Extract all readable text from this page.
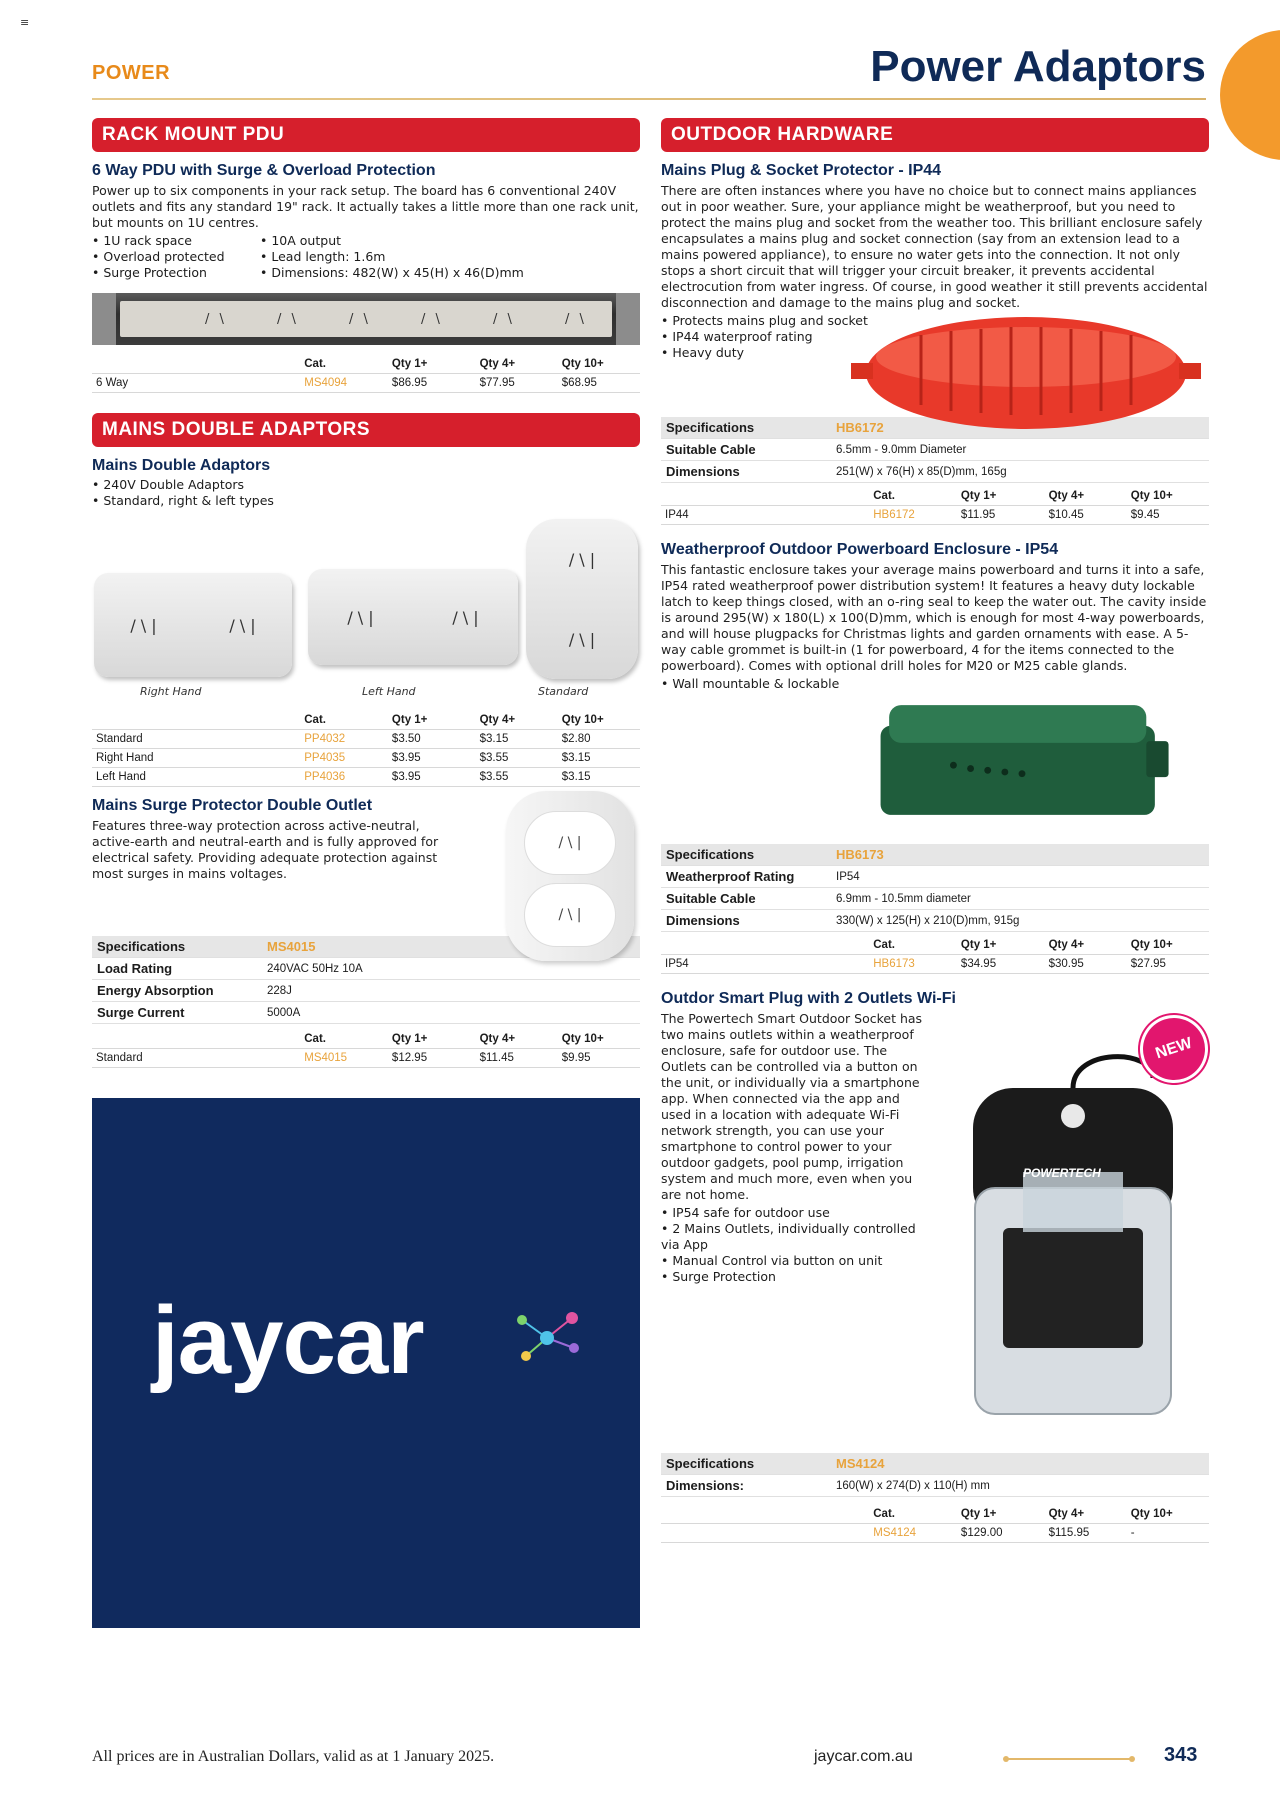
≡
POWER	Power Adaptors
RACK MOUNT PDU
6 Way PDU with Surge & Overload Protection
Power up to six components in your rack setup. The board has 6 conventional 240V outlets and fits any standard 19" rack. It actually takes a little more than one rack unit, but mounts on 1U centres.
• 1U rack space	• 10A output
• Overload protected	• Lead length: 1.6m
• Surge Protection	• Dimensions: 482(W) x 45(H) x 46(D)mm
/ \	/ \	/ \	/ \	/ \	/ \
	Cat.	Qty 1+	Qty 4+	Qty 10+
6 Way	MS4094	$86.95	$77.95	$68.95
MAINS DOUBLE ADAPTORS
Mains Double Adaptors
• 240V Double Adaptors
• Standard, right & left types
/ \ |	/ \ |	/ \ |	/ \ |
/ \ |
/ \ |
Right Hand	Left Hand	Standard
	Cat.	Qty 1+	Qty 4+	Qty 10+
Standard	PP4032	$3.50	$3.15	$2.80
Right Hand	PP4035	$3.95	$3.55	$3.15
Left Hand	PP4036	$3.95	$3.55	$3.15
Mains Surge Protector Double Outlet
Features three-way protection across active-neutral, active-earth and neutral-earth and is fully approved for electrical safety. Providing adequate protection against most surges in mains voltages.
/ \ |
/ \ |
Specifications	MS4015
Load Rating	240VAC 50Hz 10A
Energy Absorption	228J
Surge Current	5000A
	Cat.	Qty 1+	Qty 4+	Qty 10+
Standard	MS4015	$12.95	$11.45	$9.95
jaycar
OUTDOOR HARDWARE
Mains Plug & Socket Protector - IP44
There are often instances where you have no choice but to connect mains appliances out in poor weather. Sure, your appliance might be weatherproof, but you need to protect the mains plug and socket from the weather too. This brilliant enclosure safely encapsulates a mains plug and socket connection (say from an extension lead to a mains powered appliance), to ensure no water gets into the connection. It not only stops a short circuit that will trigger your circuit breaker, it prevents accidental electrocution from water ingress. Of course, in good weather it still prevents accidental disconnection and damage to the mains plug and socket.
• Protects mains plug and socket
• IP44 waterproof rating
• Heavy duty
Specifications	HB6172
Suitable Cable	6.5mm - 9.0mm Diameter
Dimensions	251(W) x 76(H) x 85(D)mm, 165g
	Cat.	Qty 1+	Qty 4+	Qty 10+
IP44	HB6172	$11.95	$10.45	$9.45
Weatherproof Outdoor Powerboard Enclosure - IP54
This fantastic enclosure takes your average mains powerboard and turns it into a safe, IP54 rated weatherproof power distribution system! It features a heavy duty lockable latch to keep things closed, with an o-ring seal to keep the water out. The cavity inside is around 295(W) x 180(L) x 100(D)mm, which is enough for most 4-way powerboards, and will house plugpacks for Christmas lights and garden ornaments with ease. A 5-way cable grommet is built-in (1 for powerboard, 4 for the items connected to the powerboard). Comes with optional drill holes for M20 or M25 cable glands.
• Wall mountable & lockable
Specifications	HB6173
Weatherproof Rating	IP54
Suitable Cable	6.9mm - 10.5mm diameter
Dimensions	330(W) x 125(H) x 210(D)mm, 915g
	Cat.	Qty 1+	Qty 4+	Qty 10+
IP54	HB6173	$34.95	$30.95	$27.95
Outdor Smart Plug with 2 Outlets Wi-Fi
The Powertech Smart Outdoor Socket has two mains outlets within a weatherproof enclosure, safe for outdoor use. The Outlets can be controlled via a button on the unit, or individually via a smartphone app. When connected via the app and used in a location with adequate Wi-Fi network strength, you can use your smartphone to control power to your outdoor gadgets, pool pump, irrigation system and much more, even when you are not home.
• IP54 safe for outdoor use
• 2 Mains Outlets, individually controlled via App
• Manual Control via button on unit
• Surge Protection
POWERTECH
NEW
Specifications	MS4124
Dimensions:	160(W) x 274(D) x 110(H) mm
	Cat.	Qty 1+	Qty 4+	Qty 10+
	MS4124	$129.00	$115.95	-
All prices are in Australian Dollars, valid as at 1 January 2025.	jaycar.com.au	343
